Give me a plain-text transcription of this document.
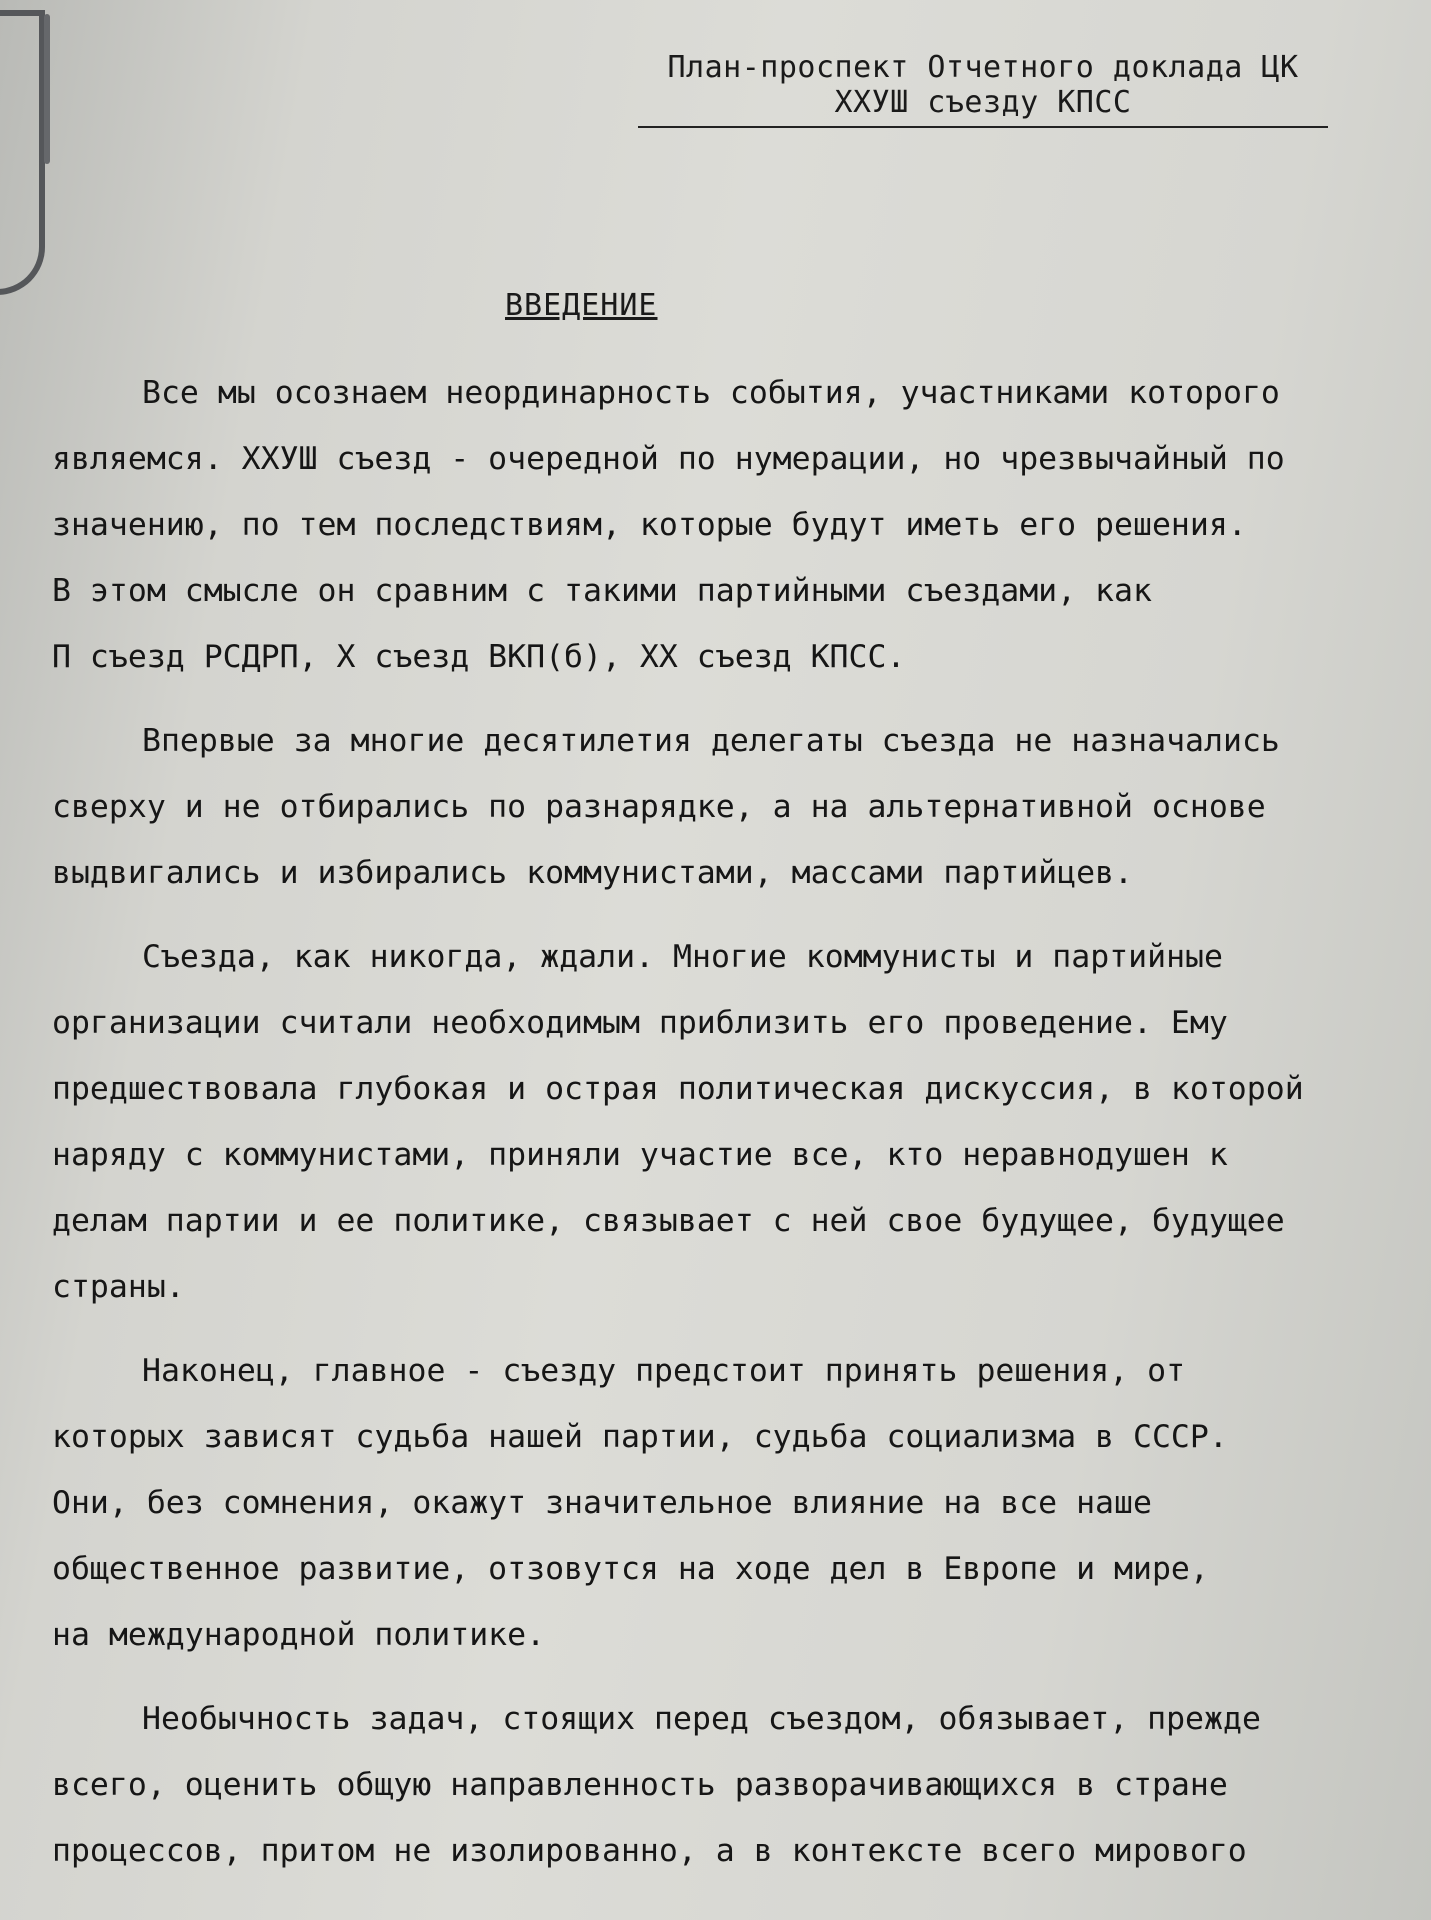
План-проспект Отчетного доклада ЦК
ХХУШ съезду КПСС
ВВЕДЕНИЕ
Все мы осознаем неординарность события, участниками которого
являемся. ХХУШ съезд - очередной по нумерации, но чрезвычайный по
значению, по тем последствиям, которые будут иметь его решения.
В этом смысле он сравним с такими партийными съездами, как
П съезд РСДРП, Х съезд ВКП(б), ХХ съезд КПСС.
Впервые за многие десятилетия делегаты съезда не назначались
сверху и не отбирались по разнарядке, а на альтернативной основе
выдвигались и избирались коммунистами, массами партийцев.
Съезда, как никогда, ждали. Многие коммунисты и партийные
организации считали необходимым приблизить его проведение. Ему
предшествовала глубокая и острая политическая дискуссия, в которой
наряду с коммунистами, приняли участие все, кто неравнодушен к
делам партии и ее политике, связывает с ней свое будущее, будущее
страны.
Наконец, главное - съезду предстоит принять решения, от
которых зависят судьба нашей партии, судьба социализма в СССР.
Они, без сомнения, окажут значительное влияние на все наше
общественное развитие, отзовутся на ходе дел в Европе и мире,
на международной политике.
Необычность задач, стоящих перед съездом, обязывает, прежде
всего, оценить общую направленность разворачивающихся в стране
процессов, притом не изолированно, а в контексте всего мирового
